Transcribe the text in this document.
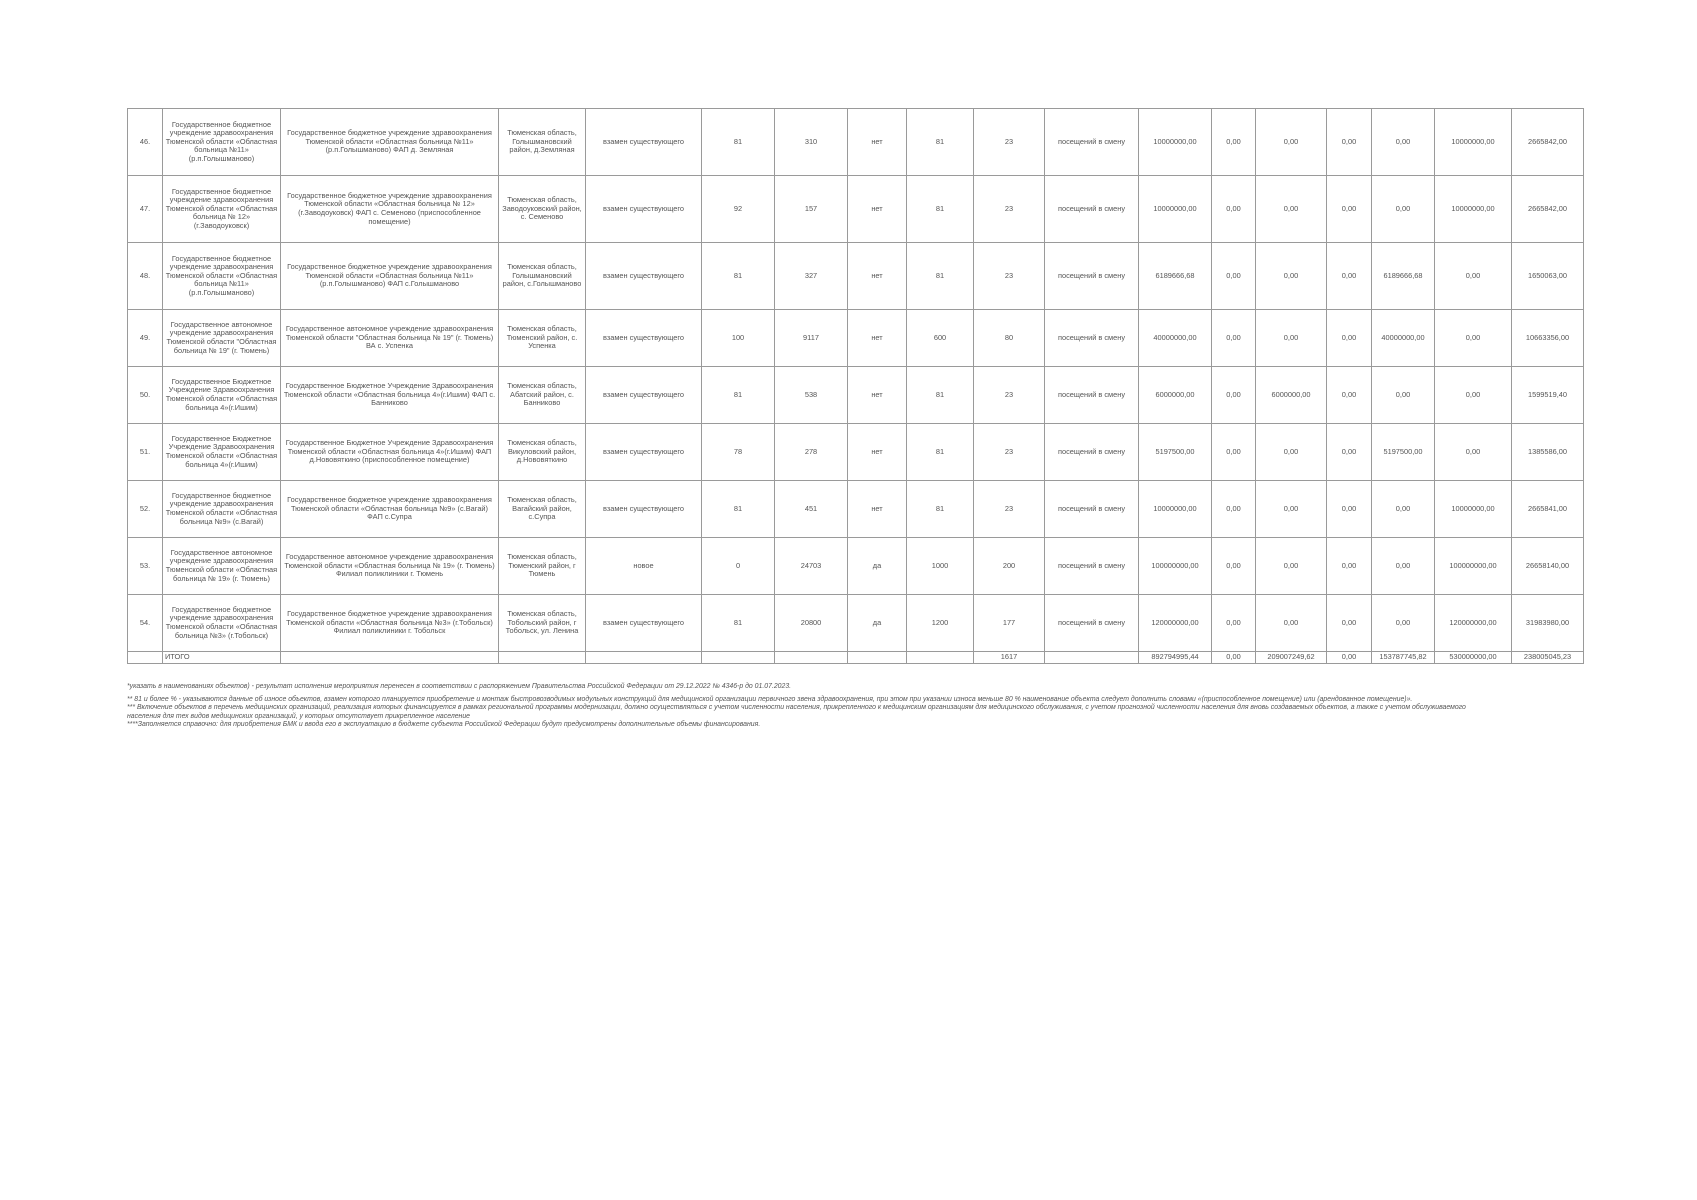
46.	Государственное бюджетное учреждение здравоохранения Тюменской области «Областная больница №11» (р.п.Голышманово)	Государственное бюджетное учреждение здравоохранения Тюменской области «Областная больница №11» (р.п.Голышманово) ФАП д. Земляная	Тюменская область, Голышмановский район, д.Земляная	взамен существующего	81	310	нет	81	23	посещений в смену	10000000,00	0,00	0,00	0,00	0,00	10000000,00	2665842,00
47.	Государственное бюджетное учреждение здравоохранения Тюменской области «Областная больница № 12» (г.Заводоуковск)	Государственное бюджетное учреждение здравоохранения Тюменской области «Областная больница № 12» (г.Заводоуковск) ФАП с. Семеново (приспособленное помещение)	Тюменская область, Заводоуковский район, с. Семеново	взамен существующего	92	157	нет	81	23	посещений в смену	10000000,00	0,00	0,00	0,00	0,00	10000000,00	2665842,00
48.	Государственное бюджетное учреждение здравоохранения Тюменской области «Областная больница №11» (р.п.Голышманово)	Государственное бюджетное учреждение здравоохранения Тюменской области «Областная больница №11» (р.п.Голышманово) ФАП с.Голышманово	Тюменская область, Голышмановский район, с.Голышманово	взамен существующего	81	327	нет	81	23	посещений в смену	6189666,68	0,00	0,00	0,00	6189666,68	0,00	1650063,00
49.	Государственное автономное учреждение здравоохранения Тюменской области "Областная больница № 19" (г. Тюмень)	Государственное автономное учреждение здравоохранения Тюменской области "Областная больница № 19" (г. Тюмень) ВА с. Успенка	Тюменская область, Тюменский район, с. Успенка	взамен существующего	100	9117	нет	600	80	посещений в смену	40000000,00	0,00	0,00	0,00	40000000,00	0,00	10663356,00
50.	Государственное Бюджетное Учреждение Здравоохранения Тюменской области «Областная больница 4»(г.Ишим)	Государственное Бюджетное Учреждение Здравоохранения Тюменской области «Областная больница 4»(г.Ишим) ФАП с. Банниково	Тюменская область, Абатский район, с. Банниково	взамен существующего	81	538	нет	81	23	посещений в смену	6000000,00	0,00	6000000,00	0,00	0,00	0,00	1599519,40
51.	Государственное Бюджетное Учреждение Здравоохранения Тюменской области «Областная больница 4»(г.Ишим)	Государственное Бюджетное Учреждение Здравоохранения Тюменской области «Областная больница 4»(г.Ишим) ФАП д.Нововяткино (приспособленное помещение)	Тюменская область, Викуловский район, д.Нововяткино	взамен существующего	78	278	нет	81	23	посещений в смену	5197500,00	0,00	0,00	0,00	5197500,00	0,00	1385586,00
52.	Государственное бюджетное учреждение здравоохранения Тюменской области «Областная больница №9» (с.Вагай)	Государственное бюджетное учреждение здравоохранения Тюменской области «Областная больница №9» (с.Вагай) ФАП с.Супра	Тюменская область, Вагайский район, с.Супра	взамен существующего	81	451	нет	81	23	посещений в смену	10000000,00	0,00	0,00	0,00	0,00	10000000,00	2665841,00
53.	Государственное автономное учреждение здравоохранения Тюменской области «Областная больница № 19» (г. Тюмень)	Государственное автономное учреждение здравоохранения Тюменской области «Областная больница № 19» (г. Тюмень) Филиал поликлиники г. Тюмень	Тюменская область, Тюменский район, г Тюмень	новое	0	24703	да	1000	200	посещений в смену	100000000,00	0,00	0,00	0,00	0,00	100000000,00	26658140,00
54.	Государственное бюджетное учреждение здравоохранения Тюменской области «Областная больница №3» (г.Тобольск)	Государственное бюджетное учреждение здравоохранения Тюменской области «Областная больница №3» (г.Тобольск) Филиал поликлиники г. Тобольск	Тюменская область, Тобольский район, г Тобольск, ул. Ленина	взамен существующего	81	20800	да	1200	177	посещений в смену	120000000,00	0,00	0,00	0,00	0,00	120000000,00	31983980,00
	ИТОГО								1617		892794995,44	0,00	209007249,62	0,00	153787745,82	530000000,00	238005045,23

*указать в наименованиях объектов) - результат исполнения мероприятия перенесен в соответствии с распоряжением Правительства Российской Федерации от 29.12.2022 № 4346-р до 01.07.2023.

** 81 и более % - указываются данные об износе объектов, взамен которого планируется приобретение и монтаж быстровозводимых модульных конструкций для медицинской организации первичного звена здравоохранения, при этом при указании износа меньше 80 % наименование объекта следует дополнить словами «(приспособленное помещение) или (арендованное помещение)».

*** Включение объектов в перечень медицинских организаций, реализация которых финансируется в рамках региональной программы модернизации, должно осуществляться с учетом численности населения, прикрепленного к медицинским организациям для медицинского обслуживания, с учетом прогнозной численности населения для вновь создаваемых объектов, а также с учетом обслуживаемого населения для тех видов медицинских организаций, у которых отсутствует прикрепленное население

****Заполняется справочно: для приобретения БМК и ввода его в эксплуатацию в бюджете субъекта Российской Федерации будут предусмотрены дополнительные объемы финансирования.
